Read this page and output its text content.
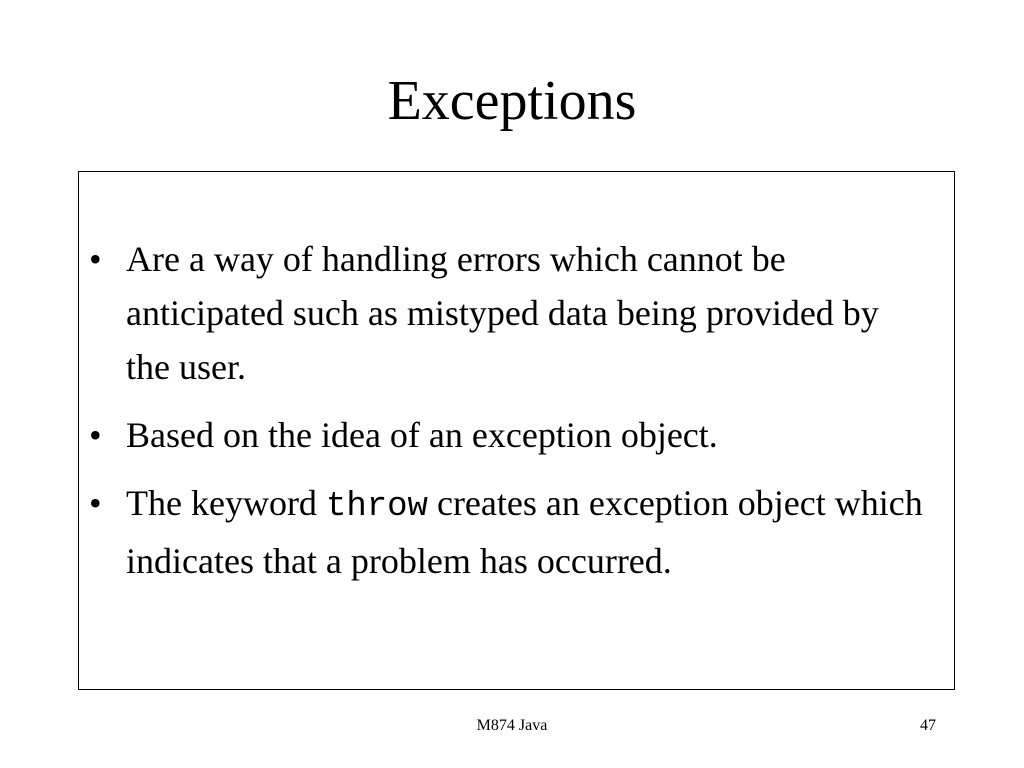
Exceptions
• Are a way of handling errors which cannot be anticipated such as mistyped data being provided by the user.
• Based on the idea of an exception object.
• The keyword throw creates an exception object which indicates that a problem has occurred.
M874 Java	47
